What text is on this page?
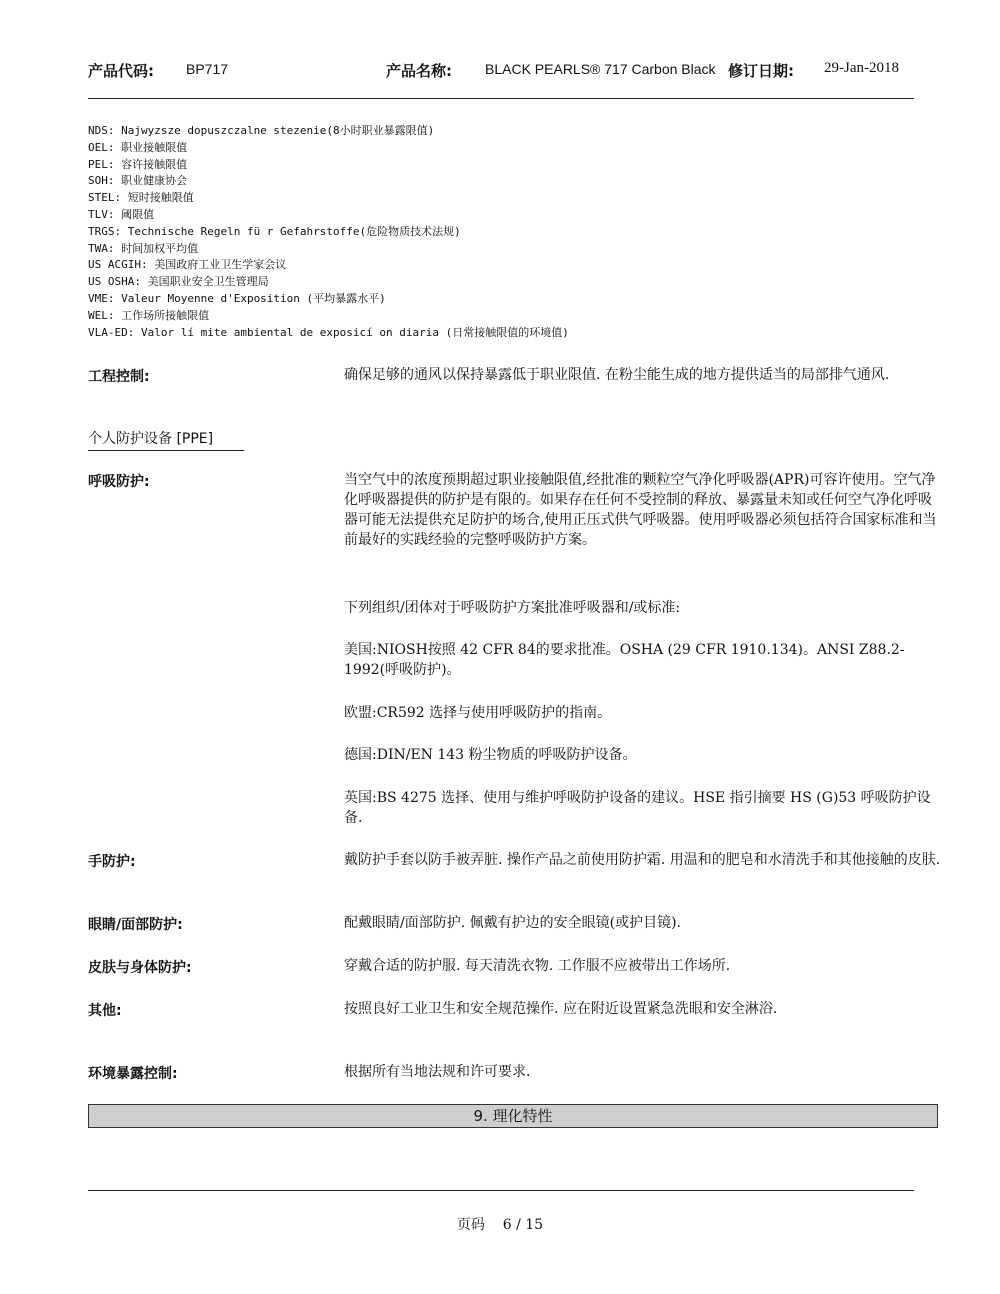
产品代码: BP717	产品名称: BLACK PEARLS® 717 Carbon Black 修订日期: 29-Jan-2018
NDS: Najwyzsze dopuszczalne stezenie(8小时职业暴露限值)
OEL: 职业接触限值
PEL: 容许接触限值
SOH: 职业健康协会
STEL: 短时接触限值
TLV: 阈限值
TRGS: Technische Regeln fü r Gefahrstoffe(危险物质技术法规)
TWA: 时间加权平均值
US ACGIH: 美国政府工业卫生学家会议
US OSHA: 美国职业安全卫生管理局
VME: Valeur Moyenne d'Exposition (平均暴露水平)
WEL: 工作场所接触限值
VLA-ED: Valor lí mite ambiental de exposicí on diaria (日常接触限值的环境值)
工程控制:	确保足够的通风以保持暴露低于职业限值. 在粉尘能生成的地方提供适当的局部排气通风.
个人防护设备 [PPE]
呼吸防护:	当空气中的浓度预期超过职业接触限值,经批准的颗粒空气净化呼吸器(APR)可容许使用。空气净化呼吸器提供的防护是有限的。如果存在任何不受控制的释放、暴露量未知或任何空气净化呼吸器可能无法提供充足防护的场合,使用正压式供气呼吸器。使用呼吸器必须包括符合国家标准和当前最好的实践经验的完整呼吸防护方案。
下列组织/团体对于呼吸防护方案批准呼吸器和/或标准:
美国:NIOSH按照 42 CFR 84的要求批准。OSHA (29 CFR 1910.134)。ANSI Z88.2-1992(呼吸防护)。
欧盟:CR592 选择与使用呼吸防护的指南。
德国:DIN/EN 143 粉尘物质的呼吸防护设备。
英国:BS 4275 选择、使用与维护呼吸防护设备的建议。HSE 指引摘要 HS (G)53 呼吸防护设备.
手防护:	戴防护手套以防手被弄脏. 操作产品之前使用防护霜. 用温和的肥皂和水清洗手和其他接触的皮肤.
眼睛/面部防护:	配戴眼睛/面部防护. 佩戴有护边的安全眼镜(或护目镜).
皮肤与身体防护:	穿戴合适的防护服. 每天清洗衣物. 工作服不应被带出工作场所.
其他:	按照良好工业卫生和安全规范操作. 应在附近设置紧急洗眼和安全淋浴.
环境暴露控制:	根据所有当地法规和许可要求.
9. 理化特性
页码 6 / 15
